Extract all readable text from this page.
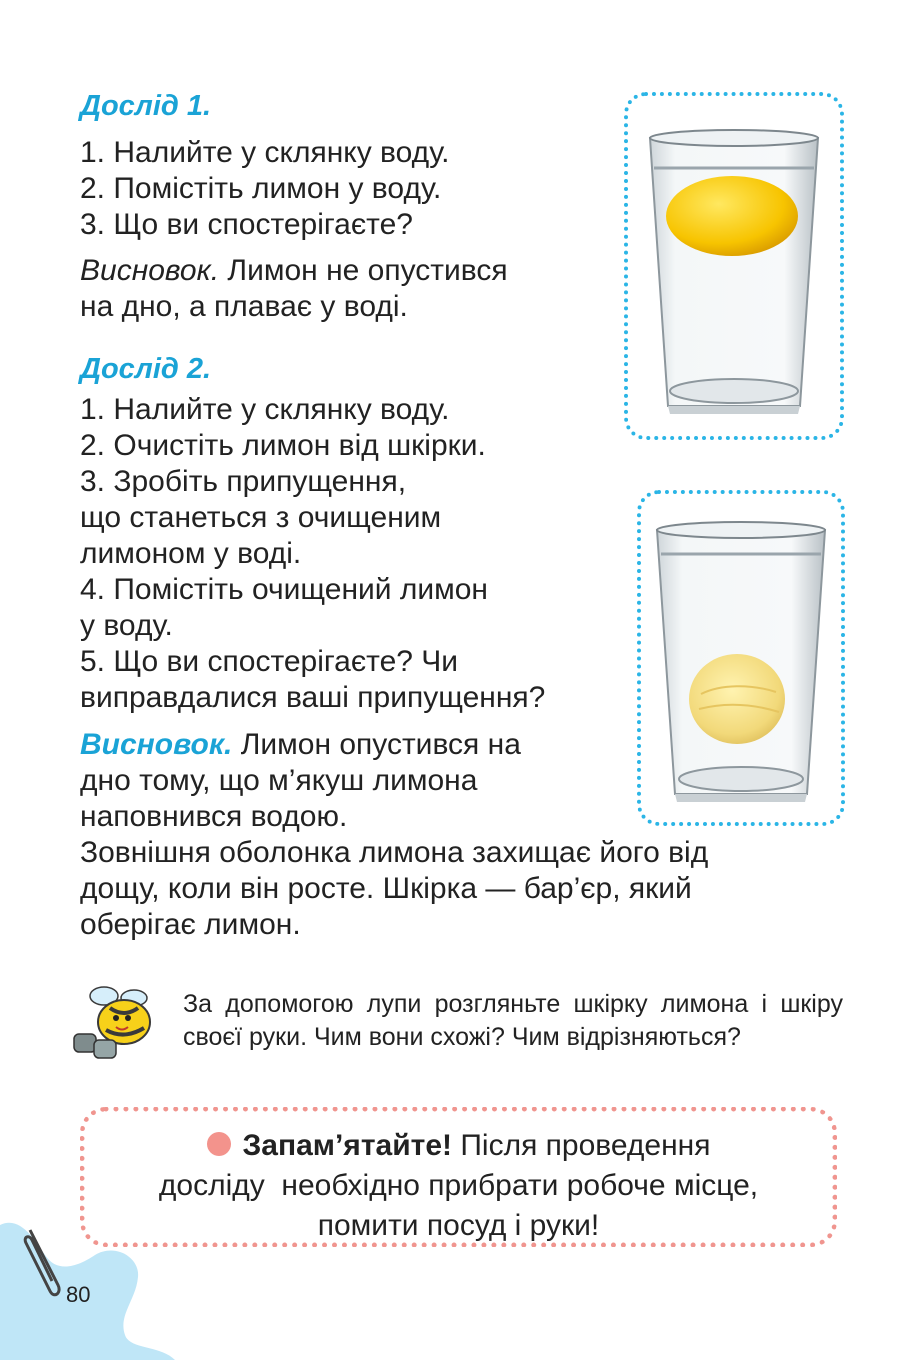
Дослід 1.
1. Налийте у склянку воду.
2. Помістіть лимон у воду.
3. Що ви спостерігаєте?
Висновок. Лимон не опустився
на дно, а плаває у воді.
Дослід 2.
1. Налийте у склянку воду.
2. Очистіть лимон від шкірки.
3. Зробіть припущення,
що станеться з очищеним
лимоном у воді.
4. Помістіть очищений лимон
у воду.
5. Що ви спостерігаєте? Чи
виправдалися ваші припущення?
Висновок. Лимон опустився на
дно тому, що м’якуш лимона
наповнився водою.
Зовнішня оболонка лимона захищає його від
дощу, коли він росте. Шкірка — бар’єр, який
оберігає лимон.
За допомогою лупи розгляньте шкірку лимона і шкіру своєї руки. Чим вони схожі? Чим відрізняються?
Запам’ятайте! Після проведення
досліду  необхідно прибрати робоче місце,
помити посуд і руки!
80
